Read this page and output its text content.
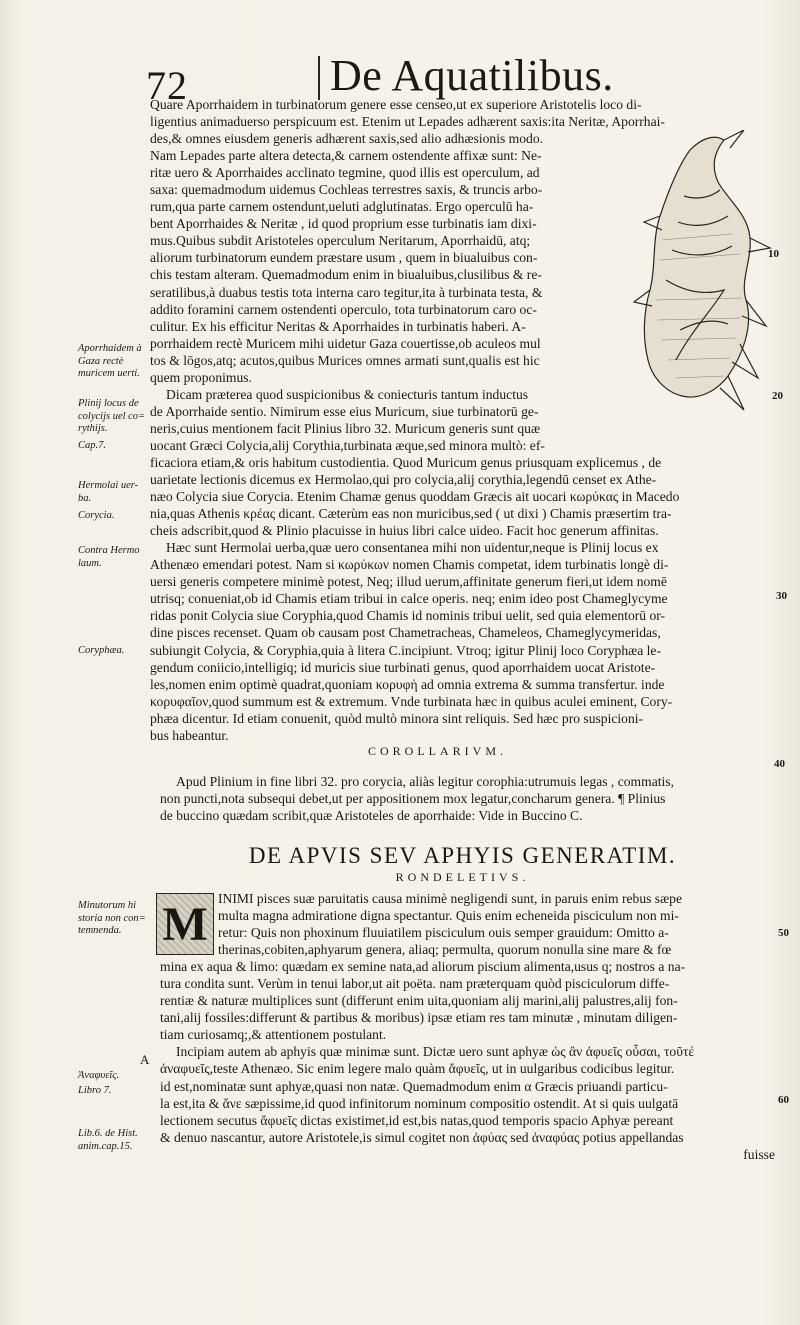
72	De Aquatilibus.
Quare Aporrhaidem in turbinatorum genere esse censeo,ut ex superiore Aristotelis loco di-
ligentius animaduerso perspicuum est. Etenim ut Lepades adhærent saxis:ita Neritæ, Aporrhai-
des,& omnes eiusdem generis adhærent saxis,sed alio adhæsionis modo.
Nam Lepades parte altera detecta,& carnem ostendente affixæ sunt: Ne-
ritæ uero & Aporrhaides acclinato tegmine, quod illis est operculum, ad
saxa: quemadmodum uidemus Cochleas terrestres saxis, & truncis arbo-
rum,qua parte carnem ostendunt,ueluti adglutinatas. Ergo operculū ha-
bent Aporrhaides & Neritæ , id quod proprium esse turbinatis iam dixi-
mus.Quibus subdit Aristoteles operculum Neritarum, Aporrhaidū, atq;
aliorum turbinatorum eundem præstare usum , quem in biualuibus con-
chis testam alteram. Quemadmodum enim in biualuibus,clusilibus & re-
seratilibus,à duabus testis tota interna caro tegitur,ita à turbinata testa, &
addito foramini carnem ostendenti operculo, tota turbinatorum caro oc-
culitur. Ex his efficitur Neritas & Aporrhaides in turbinatis haberi. A-
porrhaidem rectè Muricem mihi uidetur Gaza couertisse,ob aculeos mul
tos & lōgos,atq; acutos,quibus Murices omnes armati sunt,qualis est hic
quem proponimus.
Dicam præterea quod suspicionibus & coniecturis tantum inductus
de Aporrhaide sentio. Nimirum esse eius Muricum, siue turbinatorū ge-
neris,cuius mentionem facit Plinius libro 32. Muricum generis sunt quæ
uocant Græci Colycia,alij Corythia,turbinata æque,sed minora multò: ef-
ficaciora etiam,& oris habitum custodientia. Quod Muricum genus priusquam explicemus , de
uarietate lectionis dicemus ex Hermolao,qui pro colycia,alij corythia,legendū censet ex Athe-
næo Colycia siue Corycia. Etenim Chamæ genus quoddam Græcis ait uocari κωρύκας in Macedo
nia,quas Athenis κρέας dicant. Cæterùm eas non muricibus,sed ( ut dixi ) Chamis præsertim tra-
cheis adscribit,quod & Plinio placuisse in huius libri calce uideo. Facit hoc generum affinitas.
Hæc sunt Hermolai uerba,quæ uero consentanea mihi non uidentur,neque is Plinij locus ex
Athenæo emendari potest. Nam si κωρύκων nomen Chamis competat, idem turbinatis longè di-
uersi generis competere minimè potest, Neq; illud uerum,affinitate generum fieri,ut idem nomē
utrisq; conueniat,ob id Chamis etiam tribui in calce operis. neq; enim ideo post Chameglycyme
ridas ponit Colycia siue Coryphia,quod Chamis id nominis tribui uelit, sed quia elementorū or-
dine pisces recenset. Quam ob causam post Chametracheas, Chameleos, Chameglycymeridas,
subiungit Colycia, & Coryphia,quia à litera C.incipiunt. Vtroq; igitur Plinij loco Coryphæa le-
gendum coniicio,intelligiq; id muricis siue turbinati genus, quod aporrhaidem uocat Aristote-
les,nomen enim optimè quadrat,quoniam κορυφὴ ad omnia extrema & summa transfertur. inde
κορυφαῖον,quod summum est & extremum. Vnde turbinata hæc in quibus aculei eminent, Cory-
phæa dicentur. Id etiam conuenit, quòd multò minora sint reliquis. Sed hæc pro suspicioni-
bus habeantur.
Aporrhaidem à Gaza rectè muricem uerti.
Plinij locus de colycijs uel co= rythijs.
Cap.7.
Hermolai uer- ba.
Corycia.
Contra Hermo laum.
Coryphæa.
Minutorum hi storia non con= temnenda.
Ἀναφυεῖς.
Libro 7.
Lib.6. de Hist. anim.cap.15.
A
10
20
30
40
50
60
COROLLARIVM.
Apud Plinium in fine libri 32. pro corycia, aliàs legitur corophia:utrumuis legas , commatis,
non puncti,nota subsequi debet,ut per appositionem mox legatur,concharum genera. ¶ Plinius
de buccino quædam scribit,quæ Aristoteles de aporrhaide: Vide in Buccino C.
DE APVIS SEV APHYIS GENERATIM.
RONDELETIVS.
M INIMI pisces suæ paruitatis causa minimè negligendi sunt, in paruis enim rebus sæpe
multa magna admiratione digna spectantur. Quis enim echeneida pisciculum non mi-
retur: Quis non phoxinum fluuiatilem pisciculum ouis semper grauidum: Omitto a-
therinas,cobiten,aphyarum genera, aliaq; permulta, quorum nonulla sine mare & fœ
mina ex aqua & limo: quædam ex semine nata,ad aliorum piscium alimenta,usus q; nostros a na-
tura condita sunt. Verùm in tenui labor,ut ait poëta. nam præterquam quòd pisciculorum diffe-
rentiæ & naturæ multiplices sunt (differunt enim uita,quoniam alij marini,alij palustres,alij fon-
tani,alij fossiles:differunt & partibus & moribus) ipsæ etiam res tam minutæ , minutam diligen-
tiam curiosamq;,& attentionem postulant.
Incipiam autem ab aphyis quæ minimæ sunt. Dictæ uero sunt aphyæ ὡς ἂν ἀφυεῖς οὖσαι, τοῦτέ
ἀναφυεῖς,teste Athenæo. Sic enim legere malo quàm ἄφυεῖς, ut in uulgaribus codicibus legitur.
id est,nominatæ sunt aphyæ,quasi non natæ. Quemadmodum enim α Græcis priuandi particu-
la est,ita & ἄνε sæpissime,id quod infinitorum nominum compositio ostendit. At si quis uulgatā
lectionem secutus ἄφυεῖς dictas existimet,id est,bis natas,quod temporis spacio Aphyæ pereant
& denuo nascantur, autore Aristotele,is simul cogitet non ἀφύας sed ἀναφύας potius appellandas
fuisse
